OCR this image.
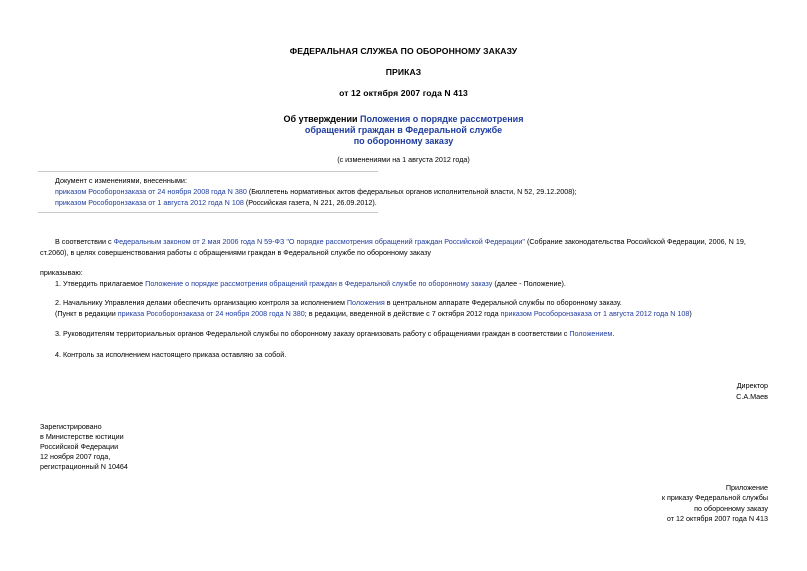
ФЕДЕРАЛЬНАЯ СЛУЖБА ПО ОБОРОННОМУ ЗАКАЗУ
ПРИКАЗ
от 12 октября 2007 года N 413
Об утверждении Положения о порядке рассмотрения
обращений граждан в Федеральной службе
по оборонному заказу
(с изменениями на 1 августа 2012 года)
Документ с изменениями, внесенными:
приказом Рособоронзаказа от 24 ноября 2008 года N 380 (Бюллетень нормативных актов федеральных органов исполнительной власти, N 52, 29.12.2008);
приказом Рособоронзаказа от 1 августа 2012 года N 108 (Российская газета, N 221, 26.09.2012).
В соответствии с Федеральным законом от 2 мая 2006 года N 59-ФЗ "О порядке рассмотрения обращений граждан Российской Федерации" (Собрание законодательства Российской Федерации, 2006, N 19,
ст.2060), в целях совершенствования работы с обращениями граждан в Федеральной службе по оборонному заказу
приказываю:
1. Утвердить прилагаемое Положение о порядке рассмотрения обращений граждан в Федеральной службе по оборонному заказу (далее - Положение).
2. Начальнику Управления делами обеспечить организацию контроля за исполнением Положения в центральном аппарате Федеральной службы по оборонному заказу.
(Пункт в редакции приказа Рособоронзаказа от 24 ноября 2008 года N 380; в редакции, введенной в действие с 7 октября 2012 года приказом Рособоронзаказа от 1 августа 2012 года N 108)
3. Руководителям территориальных органов Федеральной службы по оборонному заказу организовать работу с обращениями граждан в соответствии с Положением.
4. Контроль за исполнением настоящего приказа оставляю за собой.
Директор
С.А.Маев
Зарегистрировано
в Министерстве юстиции
Российской Федерации
12 ноября 2007 года,
регистрационный N 10464
Приложение
к приказу Федеральной службы
по оборонному заказу
от 12 октября 2007 года N 413
